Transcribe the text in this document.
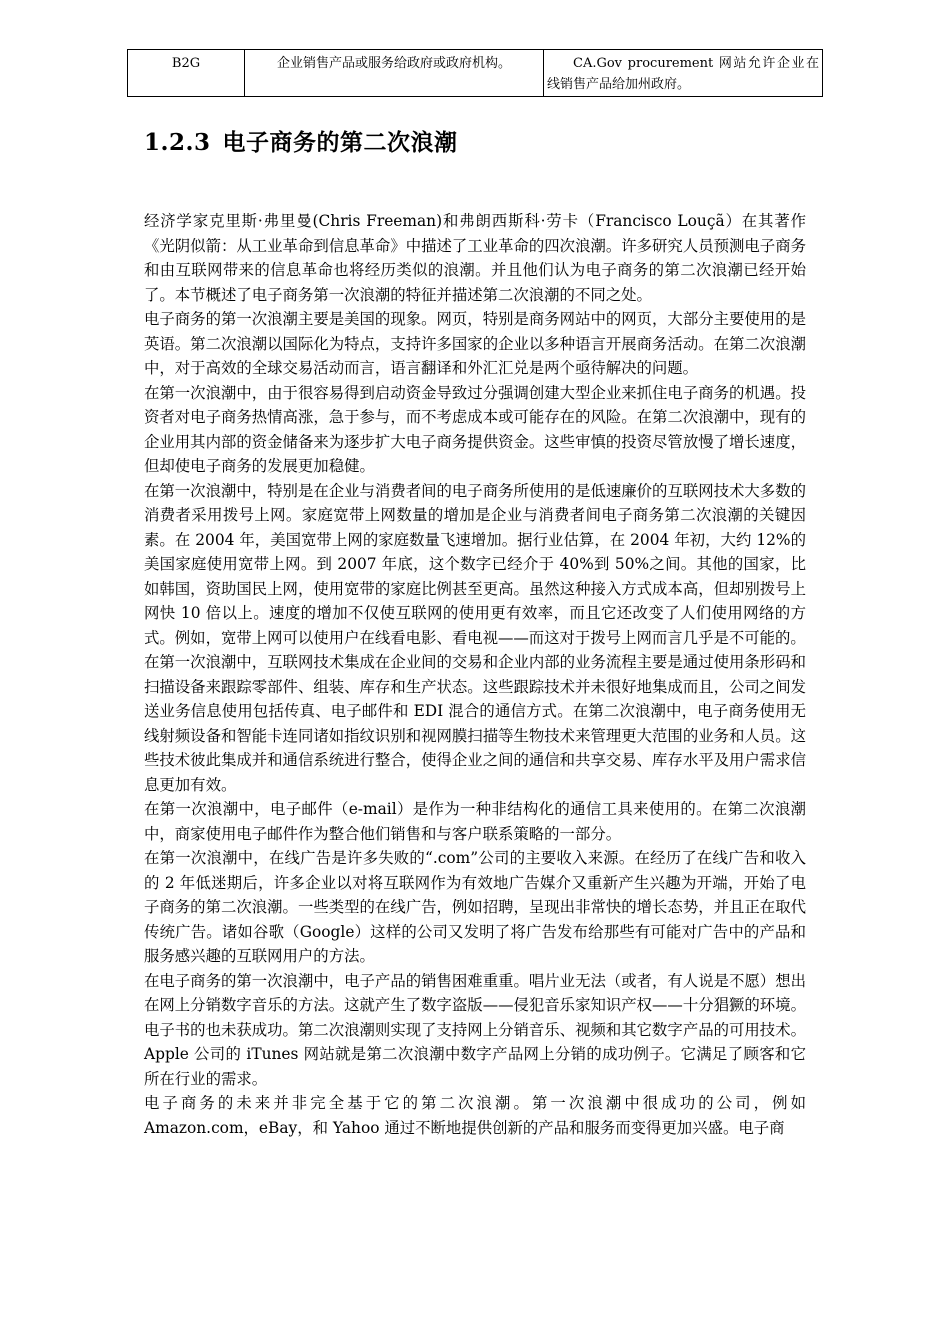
B2G	企业销售产品或服务给政府或政府机构。	CA.Gov procurement 网站允许企业在线销售产品给加州政府。
1.2.3 电子商务的第二次浪潮

经济学家克里斯·弗里曼(Chris Freeman)和弗朗西斯科·劳卡（Francisco Louçã）在其著作《光阴似箭：从工业革命到信息革命》中描述了工业革命的四次浪潮。许多研究人员预测电子商务和由互联网带来的信息革命也将经历类似的浪潮。并且他们认为电子商务的第二次浪潮已经开始了。本节概述了电子商务第一次浪潮的特征并描述第二次浪潮的不同之处。

电子商务的第一次浪潮主要是美国的现象。网页，特别是商务网站中的网页，大部分主要使用的是英语。第二次浪潮以国际化为特点，支持许多国家的企业以多种语言开展商务活动。在第二次浪潮中，对于高效的全球交易活动而言，语言翻译和外汇汇兑是两个亟待解决的问题。

在第一次浪潮中，由于很容易得到启动资金导致过分强调创建大型企业来抓住电子商务的机遇。投资者对电子商务热情高涨，急于参与，而不考虑成本或可能存在的风险。在第二次浪潮中，现有的企业用其内部的资金储备来为逐步扩大电子商务提供资金。这些审慎的投资尽管放慢了增长速度，但却使电子商务的发展更加稳健。

在第一次浪潮中，特别是在企业与消费者间的电子商务所使用的是低速廉价的互联网技术大多数的消费者采用拨号上网。家庭宽带上网数量的增加是企业与消费者间电子商务第二次浪潮的关键因素。在 2004 年，美国宽带上网的家庭数量飞速增加。据行业估算，在 2004 年初，大约 12%的美国家庭使用宽带上网。到 2007 年底，这个数字已经介于 40%到 50%之间。其他的国家，比如韩国，资助国民上网，使用宽带的家庭比例甚至更高。虽然这种接入方式成本高，但却别拨号上网快 10 倍以上。速度的增加不仅使互联网的使用更有效率，而且它还改变了人们使用网络的方式。例如，宽带上网可以使用户在线看电影、看电视——而这对于拨号上网而言几乎是不可能的。

在第一次浪潮中，互联网技术集成在企业间的交易和企业内部的业务流程主要是通过使用条形码和扫描设备来跟踪零部件、组装、库存和生产状态。这些跟踪技术并未很好地集成而且，公司之间发送业务信息使用包括传真、电子邮件和 EDI 混合的通信方式。在第二次浪潮中，电子商务使用无线射频设备和智能卡连同诸如指纹识别和视网膜扫描等生物技术来管理更大范围的业务和人员。这些技术彼此集成并和通信系统进行整合，使得企业之间的通信和共享交易、库存水平及用户需求信息更加有效。

在第一次浪潮中，电子邮件（e-mail）是作为一种非结构化的通信工具来使用的。在第二次浪潮中，商家使用电子邮件作为整合他们销售和与客户联系策略的一部分。

在第一次浪潮中，在线广告是许多失败的“.com”公司的主要收入来源。在经历了在线广告和收入的 2 年低迷期后，许多企业以对将互联网作为有效地广告媒介又重新产生兴趣为开端，开始了电子商务的第二次浪潮。一些类型的在线广告，例如招聘，呈现出非常快的增长态势，并且正在取代传统广告。诸如谷歌（Google）这样的公司又发明了将广告发布给那些有可能对广告中的产品和服务感兴趣的互联网用户的方法。

在电子商务的第一次浪潮中，电子产品的销售困难重重。唱片业无法（或者，有人说是不愿）想出在网上分销数字音乐的方法。这就产生了数字盗版——侵犯音乐家知识产权——十分猖獗的环境。电子书的也未获成功。第二次浪潮则实现了支持网上分销音乐、视频和其它数字产品的可用技术。Apple 公司的 iTunes 网站就是第二次浪潮中数字产品网上分销的成功例子。它满足了顾客和它所在行业的需求。

电子商务的未来并非完全基于它的第二次浪潮。第一次浪潮中很成功的公司，例如 Amazon.com，eBay，和 Yahoo 通过不断地提供创新的产品和服务而变得更加兴盛。电子商
